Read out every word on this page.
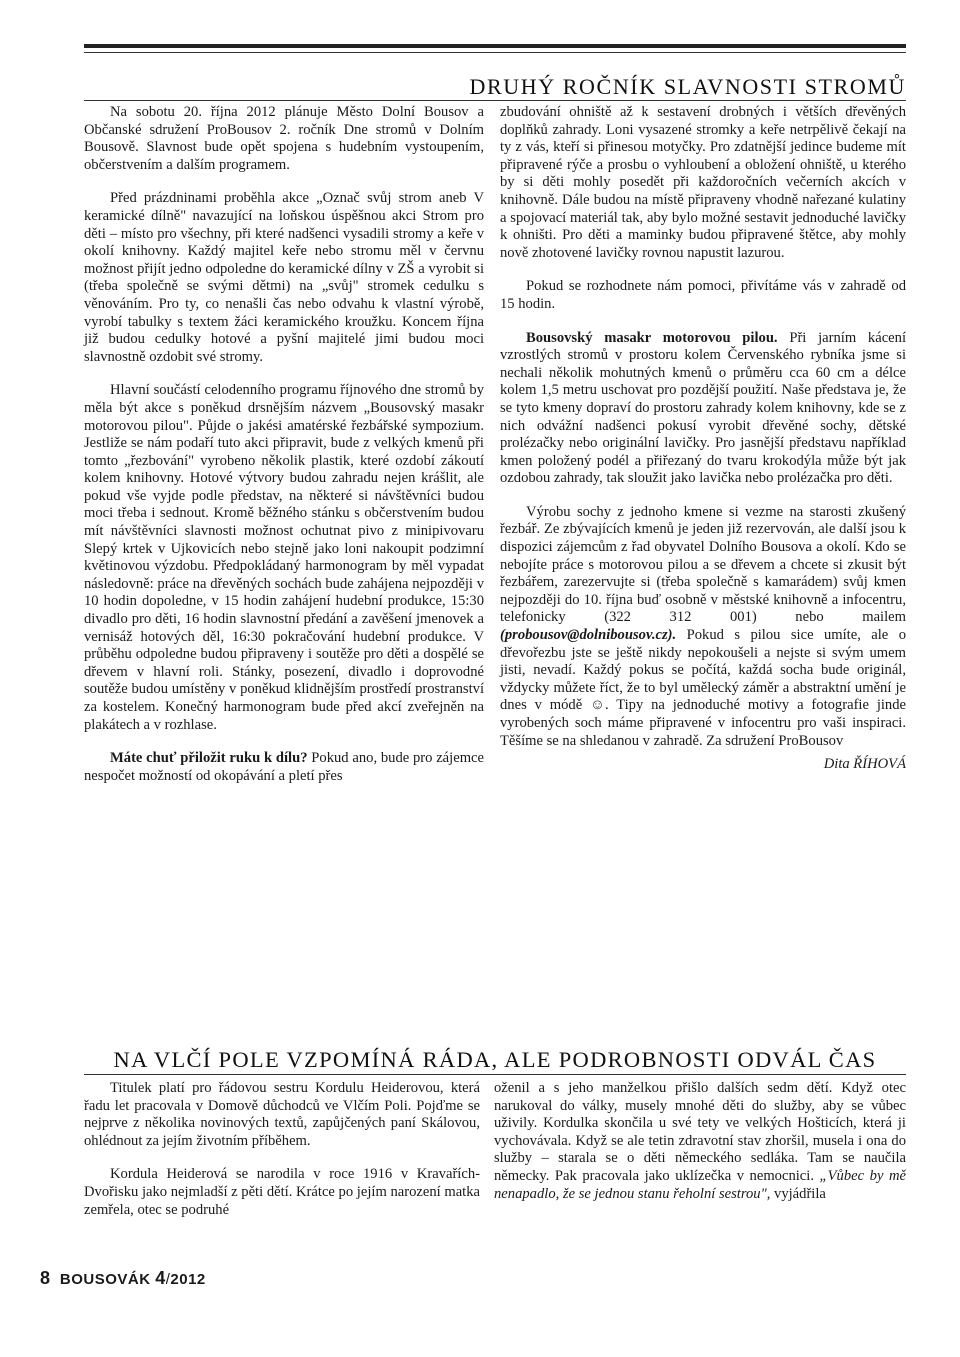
DRUHÝ ROČNÍK SLAVNOSTI STROMŮ

Na sobotu 20. října 2012 plánuje Město Dolní Bousov a Občanské sdružení ProBousov 2. ročník Dne stromů v Dolním Bousově. Slavnost bude opět spojena s hudebním vystoupením, občerstvením a dalším programem.

Před prázdninami proběhla akce „Označ svůj strom aneb V keramické dílně" navazující na loňskou úspěšnou akci Strom pro děti – místo pro všechny, při které nadšenci vysadili stromy a keře v okolí knihovny. Každý majitel keře nebo stromu měl v červnu možnost přijít jedno odpoledne do keramické dílny v ZŠ a vyrobit si (třeba společně se svými dětmi) na „svůj" stromek cedulku s věnováním. Pro ty, co nenašli čas nebo odvahu k vlastní výrobě, vyrobí tabulky s textem žáci keramického kroužku. Koncem října již budou cedulky hotové a pyšní majitelé jimi budou moci slavnostně ozdobit své stromy.

Hlavní součástí celodenního programu říjnového dne stromů by měla být akce s poněkud drsnějším názvem „Bousovský masakr motorovou pilou". Půjde o jakési amatérské řezbářské sympozium. Jestliže se nám podaří tuto akci připravit, bude z velkých kmenů při tomto „řezbování" vyrobeno několik plastik, které ozdobí zákoutí kolem knihovny. Hotové výtvory budou zahradu nejen krášlit, ale pokud vše vyjde podle představ, na některé si návštěvníci budou moci třeba i sednout. Kromě běžného stánku s občerstvením budou mít návštěvníci slavnosti možnost ochutnat pivo z minipivovaru Slepý krtek v Ujkovicích nebo stejně jako loni nakoupit podzimní květinovou výzdobu. Předpokládaný harmonogram by měl vypadat následovně: práce na dřevěných sochách bude zahájena nejpozději v 10 hodin dopoledne, v 15 hodin zahájení hudební produkce, 15:30 divadlo pro děti, 16 hodin slavnostní předání a zavěšení jmenovek a vernisáž hotových děl, 16:30 pokračování hudební produkce. V průběhu odpoledne budou připraveny i soutěže pro děti a dospělé se dřevem v hlavní roli. Stánky, posezení, divadlo i doprovodné soutěže budou umístěny v poněkud klidnějším prostředí prostranství za kostelem. Konečný harmonogram bude před akcí zveřejněn na plakátech a v rozhlase.

Máte chuť přiložit ruku k dílu? Pokud ano, bude pro zájemce nespočet možností od okopávání a pletí přes

zbudování ohniště až k sestavení drobných i větších dřevěných doplňků zahrady. Loni vysazené stromky a keře netrpělivě čekají na ty z vás, kteří si přinesou motyčky. Pro zdatnější jedince budeme mít připravené rýče a prosbu o vyhloubení a obložení ohniště, u kterého by si děti mohly posedět při každoročních večerních akcích v knihovně. Dále budou na místě připraveny vhodně nařezané kulatiny a spojovací materiál tak, aby bylo možné sestavit jednoduché lavičky k ohništi. Pro děti a maminky budou připravené štětce, aby mohly nově zhotovené lavičky rovnou napustit lazurou.

Pokud se rozhodnete nám pomoci, přivítáme vás v zahradě od 15 hodin.

Bousovský masakr motorovou pilou. Při jarním kácení vzrostlých stromů v prostoru kolem Červenského rybníka jsme si nechali několik mohutných kmenů o průměru cca 60 cm a délce kolem 1,5 metru uschovat pro pozdější použití. Naše představa je, že se tyto kmeny dopraví do prostoru zahrady kolem knihovny, kde se z nich odvážní nadšenci pokusí vyrobit dřevěné sochy, dětské prolézačky nebo originální lavičky. Pro jasnější představu například kmen položený podél a přiřezaný do tvaru krokodýla může být jak ozdobou zahrady, tak sloužit jako lavička nebo prolézačka pro děti.

Výrobu sochy z jednoho kmene si vezme na starosti zkušený řezbář. Ze zbývajících kmenů je jeden již rezervován, ale další jsou k dispozici zájemcům z řad obyvatel Dolního Bousova a okolí. Kdo se nebojíte práce s motorovou pilou a se dřevem a chcete si zkusit být řezbářem, zarezervujte si (třeba společně s kamarádem) svůj kmen nejpozději do 10. října buď osobně v městské knihovně a infocentru, telefonicky (322 312 001) nebo mailem (probousov@dolnibousov.cz). Pokud s pilou sice umíte, ale o dřevořezbu jste se ještě nikdy nepokoušeli a nejste si svým umem jisti, nevadí. Každý pokus se počítá, každá socha bude originál, vždycky můžete říct, že to byl umělecký záměr a abstraktní umění je dnes v módě ☺. Tipy na jednoduché motivy a fotografie jinde vyrobených soch máme připravené v infocentru pro vaši inspiraci. Těšíme se na shledanou v zahradě. Za sdružení ProBousov

Dita ŘÍHOVÁ

NA VLČÍ POLE VZPOMÍNÁ RÁDA, ALE PODROBNOSTI ODVÁL ČAS

Titulek platí pro řádovou sestru Kordulu Heiderovou, která řadu let pracovala v Domově důchodců ve Vlčím Poli. Pojďme se nejprve z několika novinových textů, zapůjčených paní Skálovou, ohlédnout za jejím životním příběhem.

Kordula Heiderová se narodila v roce 1916 v Kravařích-Dvořisku jako nejmladší z pěti dětí. Krátce po jejím narození matka zemřela, otec se podruhé

oženil a s jeho manželkou přišlo dalších sedm dětí. Když otec narukoval do války, musely mnohé děti do služby, aby se vůbec uživily. Kordulka skončila u své tety ve velkých Hošticích, která ji vychovávala. Když se ale tetin zdravotní stav zhoršil, musela i ona do služby – starala se o děti německého sedláka. Tam se naučila německy. Pak pracovala jako uklízečka v nemocnici. „Vůbec by mě nenapadlo, že se jednou stanu řeholní sestrou", vyjádřila

8 BOUSOVÁK 4/2012
